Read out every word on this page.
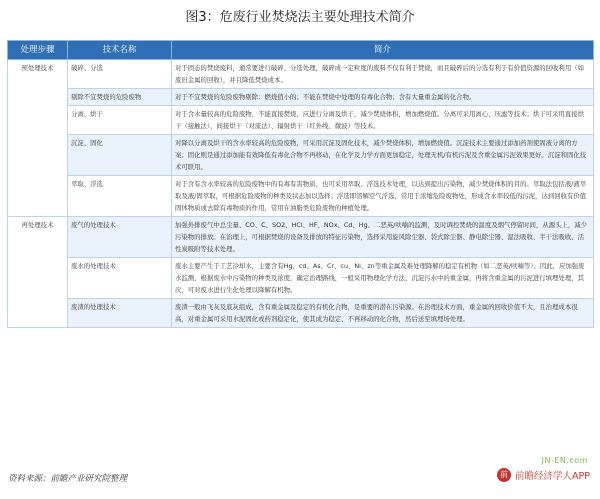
图3：危废行业焚烧法主要处理技术简介
处理步骤	技术名称	简介
预处理技术	破碎、分选	对于固态的焚烧废料，通常要进行破碎、分选处理，破碎成一定粒度的废料不仅有利于焚烧，而且破碎后的分选有利于有价值资源的回收利用（如废旧金属的回收），并且降低焚烧成本。
	剔除不宜焚烧的危险废物	对于不宜焚烧的危险废物剔除：燃烧值小的；不能在焚烧中处理的有毒化合物；含有大量重金属的化合物。
	分离、烘干	对于含水量较高的危险废物，不能直接焚烧，应进行分离及烘干，减少焚烧体积，增加燃烧值。分离可采用离心、压滤等技术；烘干可采用直接烘干（接触法）、间接烘干（对流法）、辐射烘干（红外线、微波）等技术。
	沉淀、固化	对降以分离及烘干的含水率较高的危险废物，可采用沉淀及固化技术，减少焚烧体积，增加燃烧值。沉淀技术主要通过添加药剂使固液分离的方案；固化则是通过添加能有效降低有毒化合物不再移动，在化学及力学方面更加稳定，处理无机/有机污泥及含重金属污泥效果更好。沉淀和固化技术可联用。
	萃取、浮选	对于含有含水率较高的危险废物中的有毒有害物质，也可采用萃取、浮选技术处理，以达到提出污染物，减少焚烧体积的目的。萃取法包括液/液萃取及液/固萃取，可根据危险废物的种类及状态加以选择；浮选即溶解空气浮选，常用于浓缩危险废物处，形成含水率较低的污泥，达到回收有价值固体物质或去除有毒物质的作用，常用在油脂类危险废物的种植处理。
再处理技术	废气的处理技术	加强外排废气中总尘量、CO、C、SO2、HCl、HF、NOx、Cd、Hg、二恶英/呋喃的监测，及时调控焚烧的温度及烟气停留时间，从源头上，减少污染物的排放。在治理上，可根据焚烧的设备及排放的特征污染物，选择采用旋风除尘器、袋式除尘器、静电除尘器、湿法吸收、半干法吸收、活性炭吸附等技术处理。
	废水的处理技术	废水主要产生于工艺冷却水，主要含有Hg、cd、As、Cr、cu、Ni、zn等重金属及难处理降解的稳定有机物（如二恶英/呋喃等）。因此，应加强废水监测，根据废水中污染物的种类及浓度，确定治理路线，一般采用物理化学方法，沉淀污水中的重金属，再将含重金属的污泥进行填埋处理，其次，可对废水进行生化处理以降解有机物。
	废渣的处理技术	废渣一般由飞灰及底灰组成，含有重金属及稳定的有机化合物，是重要的潜在污染源。在治理技术方面，重金属的回收价值不大，且治理成本很高，对重金属可采用水泥固化或药剂稳定化，使其成为稳定、不再移动的化合物，然后送至填埋场处理。
JN-EN.com
资料来源：前瞻产业研究院整理	前 前瞻经济学人APP
